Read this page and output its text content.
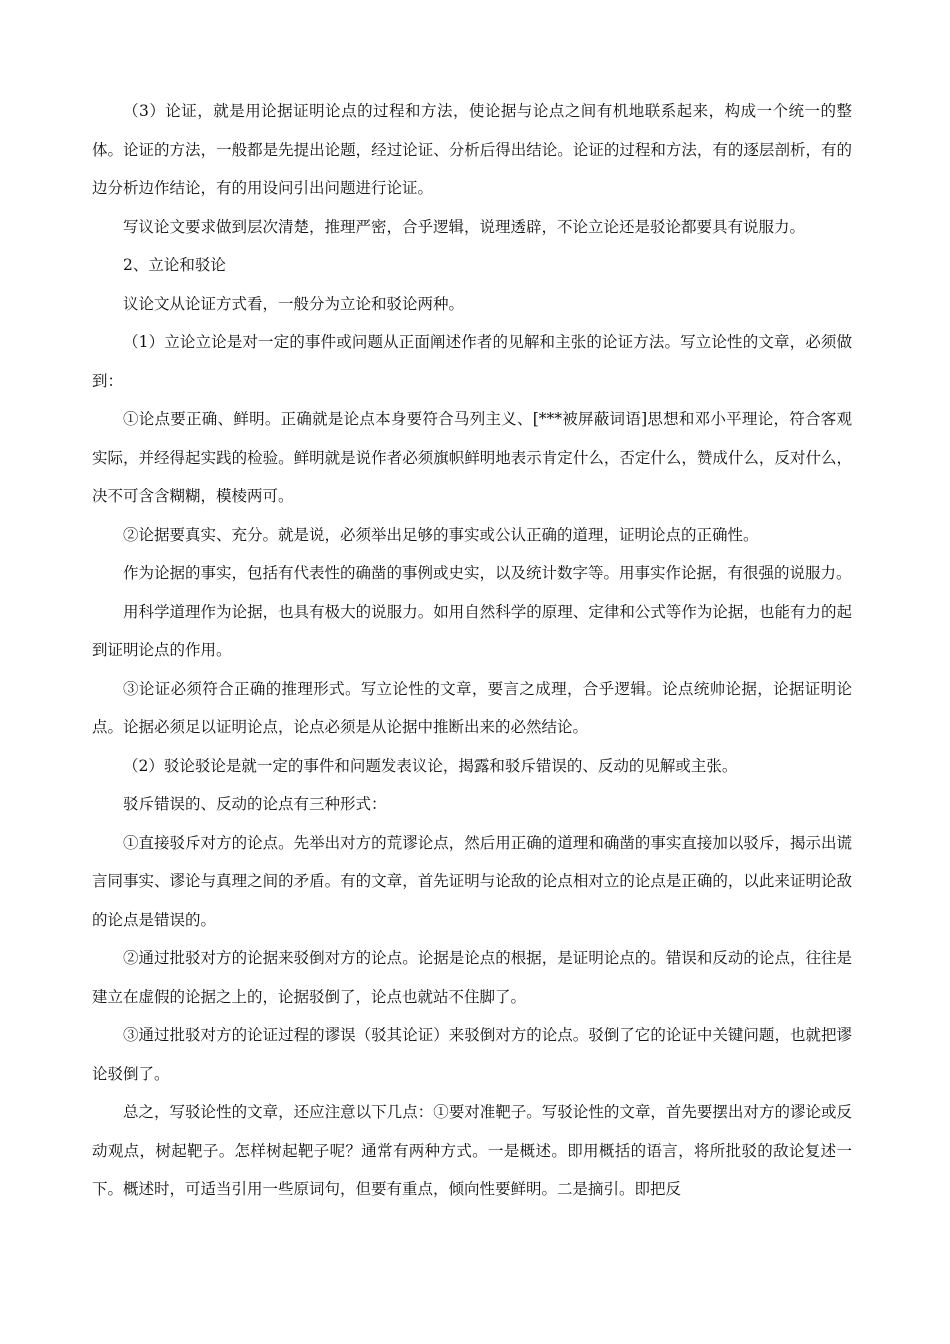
（3）论证，就是用论据证明论点的过程和方法，使论据与论点之间有机地联系起来，构成一个统一的整体。论证的方法，一般都是先提出论题，经过论证、分析后得出结论。论证的过程和方法，有的逐层剖析，有的边分析边作结论，有的用设问引出问题进行论证。

写议论文要求做到层次清楚，推理严密，合乎逻辑，说理透辟，不论立论还是驳论都要具有说服力。

2、立论和驳论

议论文从论证方式看，一般分为立论和驳论两种。

（1）立论立论是对一定的事件或问题从正面阐述作者的见解和主张的论证方法。写立论性的文章，必须做到：

①论点要正确、鲜明。正确就是论点本身要符合马列主义、[***被屏蔽词语]思想和邓小平理论，符合客观实际，并经得起实践的检验。鲜明就是说作者必须旗帜鲜明地表示肯定什么，否定什么，赞成什么，反对什么，决不可含含糊糊，模棱两可。

②论据要真实、充分。就是说，必须举出足够的事实或公认正确的道理，证明论点的正确性。

作为论据的事实，包括有代表性的确凿的事例或史实，以及统计数字等。用事实作论据，有很强的说服力。

用科学道理作为论据，也具有极大的说服力。如用自然科学的原理、定律和公式等作为论据，也能有力的起到证明论点的作用。

③论证必须符合正确的推理形式。写立论性的文章，要言之成理，合乎逻辑。论点统帅论据，论据证明论点。论据必须足以证明论点，论点必须是从论据中推断出来的必然结论。

（2）驳论驳论是就一定的事件和问题发表议论，揭露和驳斥错误的、反动的见解或主张。

驳斥错误的、反动的论点有三种形式：

①直接驳斥对方的论点。先举出对方的荒谬论点，然后用正确的道理和确凿的事实直接加以驳斥，揭示出谎言同事实、谬论与真理之间的矛盾。有的文章，首先证明与论敌的论点相对立的论点是正确的，以此来证明论敌的论点是错误的。

②通过批驳对方的论据来驳倒对方的论点。论据是论点的根据，是证明论点的。错误和反动的论点，往往是建立在虚假的论据之上的，论据驳倒了，论点也就站不住脚了。

③通过批驳对方的论证过程的谬误（驳其论证）来驳倒对方的论点。驳倒了它的论证中关键问题，也就把谬论驳倒了。

总之，写驳论性的文章，还应注意以下几点：①要对准靶子。写驳论性的文章，首先要摆出对方的谬论或反动观点，树起靶子。怎样树起靶子呢？通常有两种方式。一是概述。即用概括的语言，将所批驳的敌论复述一下。概述时，可适当引用一些原词句，但要有重点，倾向性要鲜明。二是摘引。即把反
